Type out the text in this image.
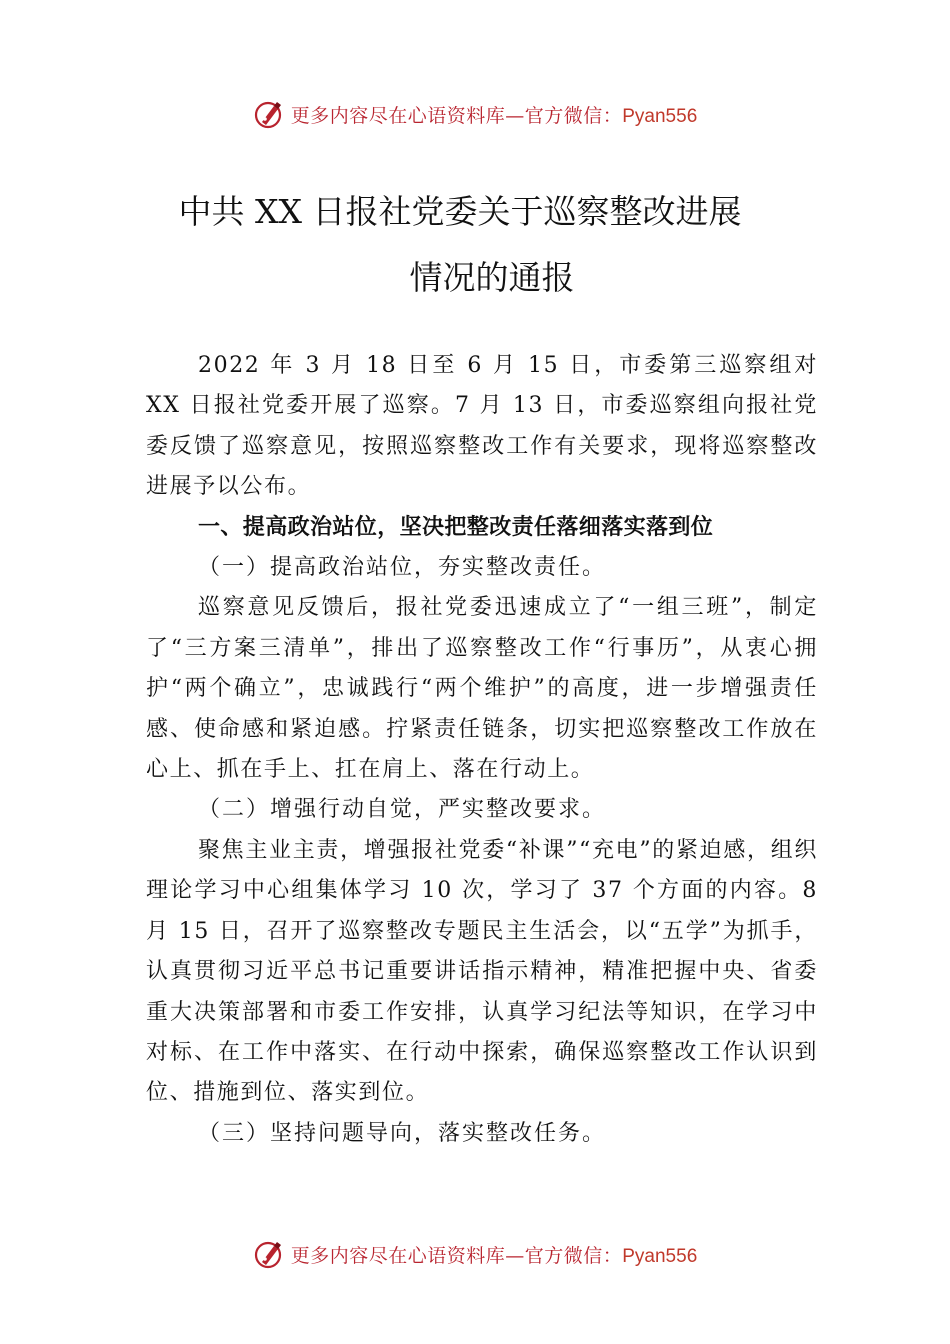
更多内容尽在心语资料库—官方微信：Pyan556
中共 XX 日报社党委关于巡察整改进展
情况的通报

2022 年 3 月 18 日至 6 月 15 日，市委第三巡察组对 XX 日报社党委开展了巡察。7 月 13 日，市委巡察组向报社党委反馈了巡察意见，按照巡察整改工作有关要求，现将巡察整改进展予以公布。

一、提高政治站位，坚决把整改责任落细落实落到位

（一）提高政治站位，夯实整改责任。

巡察意见反馈后，报社党委迅速成立了“一组三班”，制定了“三方案三清单”，排出了巡察整改工作“行事历”，从衷心拥护“两个确立”，忠诚践行“两个维护”的高度，进一步增强责任感、使命感和紧迫感。拧紧责任链条，切实把巡察整改工作放在心上、抓在手上、扛在肩上、落在行动上。

（二）增强行动自觉，严实整改要求。

聚焦主业主责，增强报社党委“补课”“充电”的紧迫感，组织理论学习中心组集体学习 10 次，学习了 37 个方面的内容。8 月 15 日，召开了巡察整改专题民主生活会，以“五学”为抓手，认真贯彻习近平总书记重要讲话指示精神，精准把握中央、省委重大决策部署和市委工作安排，认真学习纪法等知识，在学习中对标、在工作中落实、在行动中探索，确保巡察整改工作认识到位、措施到位、落实到位。

（三）坚持问题导向，落实整改任务。

更多内容尽在心语资料库—官方微信：Pyan556
